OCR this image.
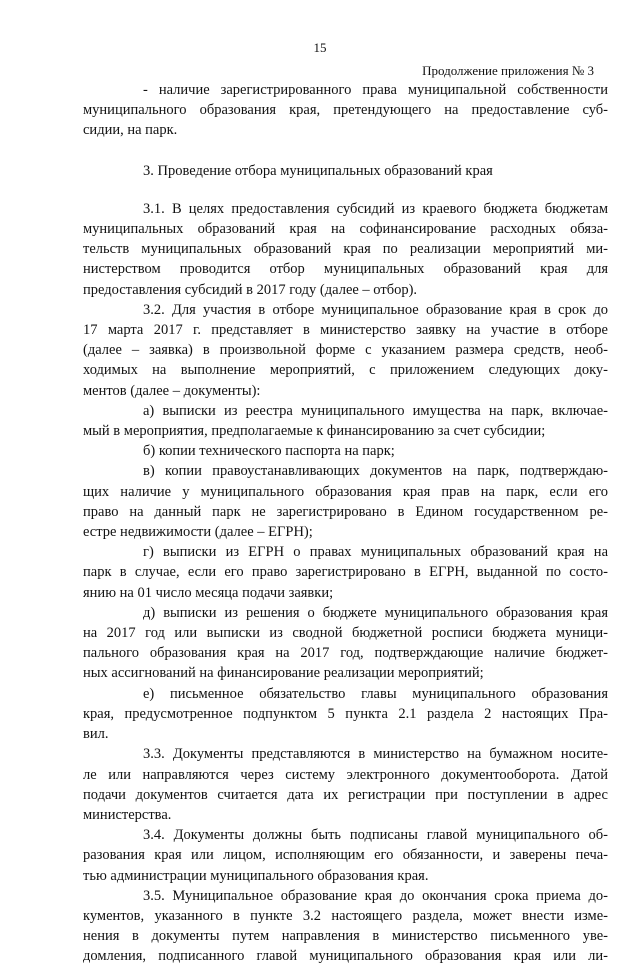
15
Продолжение приложения № 3

- наличие зарегистрированного права муниципальной собственности
муниципального образования края, претендующего на предоставление суб-
сидии, на парк.

3. Проведение отбора муниципальных образований края

3.1. В целях предоставления субсидий из краевого бюджета бюджетам
муниципальных образований края на софинансирование расходных обяза-
тельств муниципальных образований края по реализации мероприятий ми-
нистерством проводится отбор муниципальных образований края для
предоставления субсидий в 2017 году (далее – отбор).

3.2. Для участия в отборе муниципальное образование края в срок до
17 марта 2017 г. представляет в министерство заявку на участие в отборе
(далее – заявка) в произвольной форме с указанием размера средств, необ-
ходимых на выполнение мероприятий, с приложением следующих доку-
ментов (далее – документы):

а) выписки из реестра муниципального имущества на парк, включае-
мый в мероприятия, предполагаемые к финансированию за счет субсидии;

б) копии технического паспорта на парк;

в) копии правоустанавливающих документов на парк, подтверждаю-
щих наличие у муниципального образования края прав на парк, если его
право на данный парк не зарегистрировано в Едином государственном ре-
естре недвижимости (далее – ЕГРН);

г) выписки из ЕГРН о правах муниципальных образований края на
парк в случае, если его право зарегистрировано в ЕГРН, выданной по состо-
янию на 01 число месяца подачи заявки;

д) выписки из решения о бюджете муниципального образования края
на 2017 год или выписки из сводной бюджетной росписи бюджета муници-
пального образования края на 2017 год, подтверждающие наличие бюджет-
ных ассигнований на финансирование реализации мероприятий;

е) письменное обязательство главы муниципального образования
края, предусмотренное подпунктом 5 пункта 2.1 раздела 2 настоящих Пра-
вил.

3.3. Документы представляются в министерство на бумажном носите-
ле или направляются через систему электронного документооборота. Датой
подачи документов считается дата их регистрации при поступлении в адрес
министерства.

3.4. Документы должны быть подписаны главой муниципального об-
разования края или лицом, исполняющим его обязанности, и заверены печа-
тью администрации муниципального образования края.

3.5. Муниципальное образование края до окончания срока приема до-
кументов, указанного в пункте 3.2 настоящего раздела, может внести изме-
нения в документы путем направления в министерство письменного уве-
домления, подписанного главой муниципального образования края или ли-
